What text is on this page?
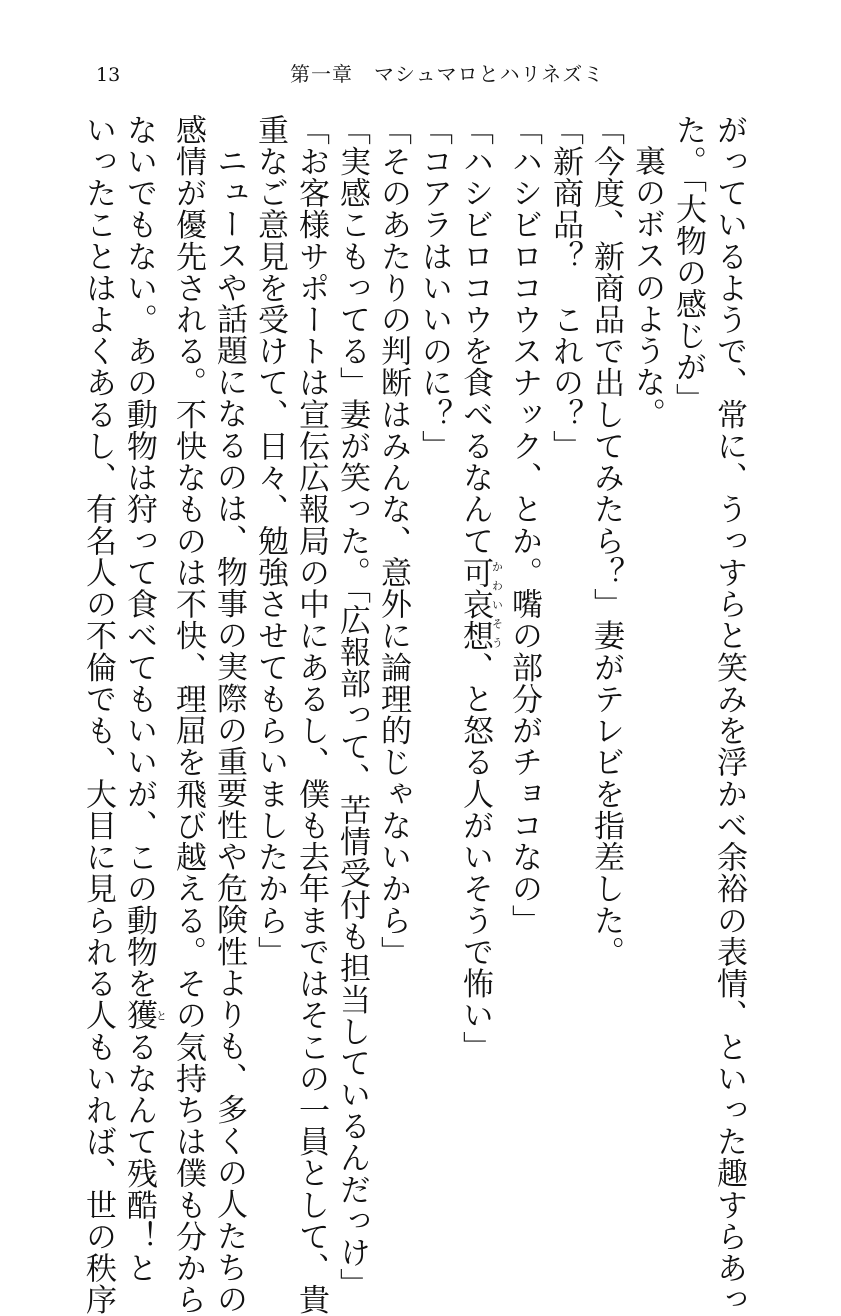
13	第一章　マシュマロとハリネズミ
がっているようで、常に、うっすらと笑みを浮かべ余裕の表情、といった趣すらあっ
た。「大物の感じが」
裏のボスのような。
「今度、新商品で出してみたら？」妻がテレビを指差した。
「新商品？　これの？」
「ハシビロコウスナック、とか。嘴の部分がチョコなの」
「ハシビロコウを食べるなんて可哀想かわいそう、と怒る人がいそうで怖い」
「コアラはいいのに？」
「そのあたりの判断はみんな、意外に論理的じゃないから」
「実感こもってる」妻が笑った。「広報部って、苦情受付も担当しているんだっけ」
「お客様サポートは宣伝広報局の中にあるし、僕も去年まではそこの一員として、貴
重なご意見を受けて、日々、勉強させてもらいましたから」
ニュースや話題になるのは、物事の実際の重要性や危険性よりも、多くの人たちの
感情が優先される。不快なものは不快、理屈を飛び越える。その気持ちは僕も分から
ないでもない。あの動物は狩って食べてもいいが、この動物を獲とるなんて残酷！と
いったことはよくあるし、有名人の不倫でも、大目に見られる人もいれば、世の秩序
